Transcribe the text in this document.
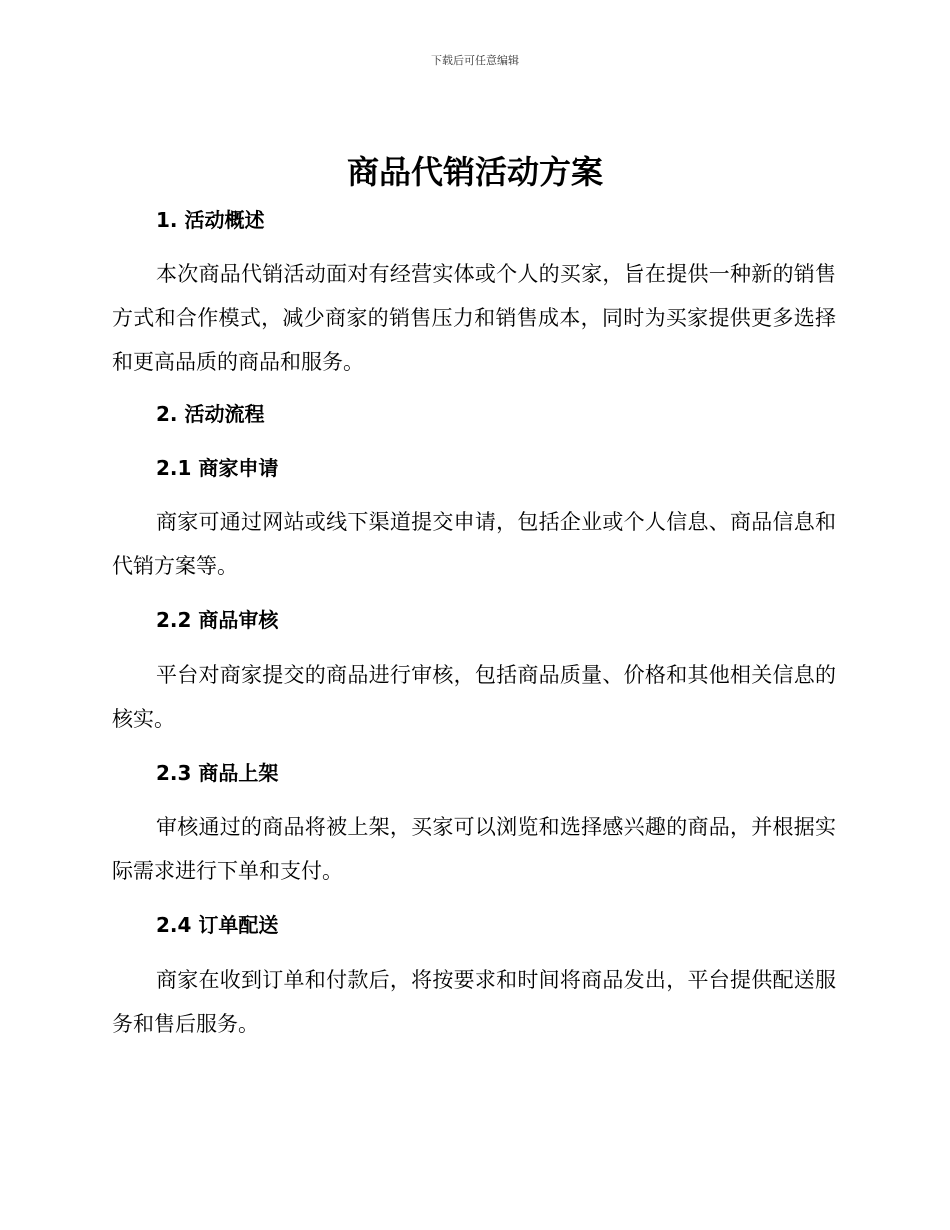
下载后可任意编辑
商品代销活动方案
1. 活动概述

本次商品代销活动面对有经营实体或个人的买家，旨在提供一种新的销售方式和合作模式，减少商家的销售压力和销售成本，同时为买家提供更多选择和更高品质的商品和服务。

2. 活动流程
2.1 商家申请

商家可通过网站或线下渠道提交申请，包括企业或个人信息、商品信息和代销方案等。

2.2 商品审核

平台对商家提交的商品进行审核，包括商品质量、价格和其他相关信息的核实。

2.3 商品上架

审核通过的商品将被上架，买家可以浏览和选择感兴趣的商品，并根据实际需求进行下单和支付。

2.4 订单配送

商家在收到订单和付款后，将按要求和时间将商品发出，平台提供配送服务和售后服务。
